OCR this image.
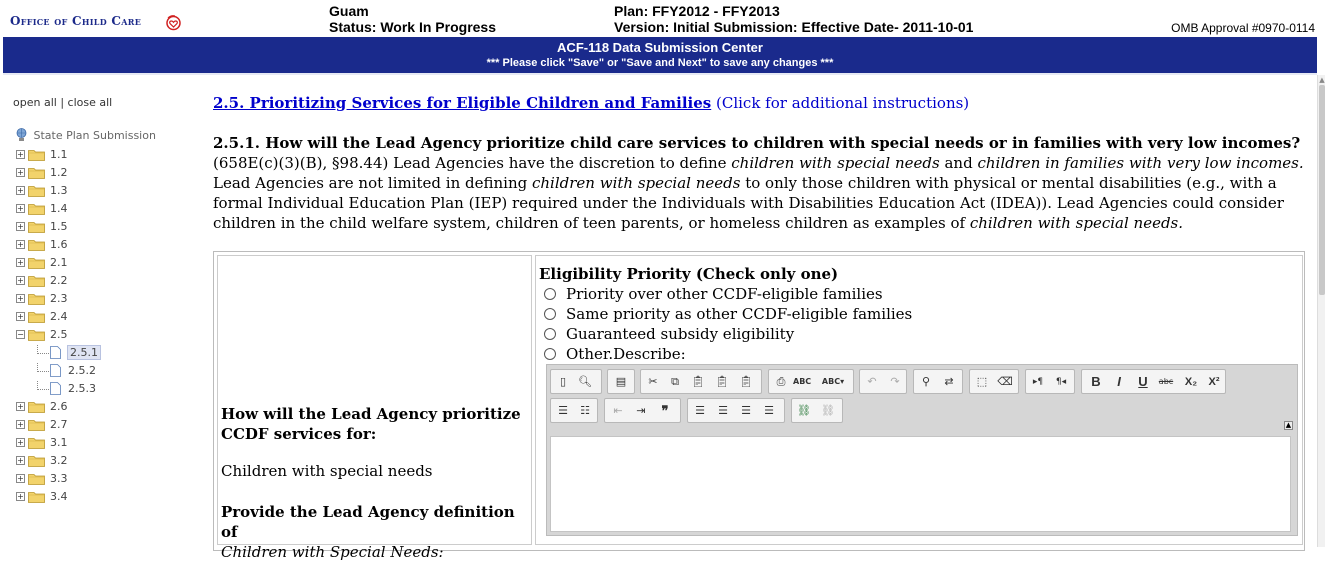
Office of Child Care
Guam
Status: Work In Progress
Plan: FFY2012 - FFY2013
Version: Initial Submission: Effective Date- 2011-10-01	OMB Approval #0970-0114
ACF-118 Data Submission Center
*** Please click "Save" or "Save and Next" to save any changes ***
open all | close all
State Plan Submission
+ 1.1
+ 1.2
+ 1.3
+ 1.4
+ 1.5
+ 1.6
+ 2.1
+ 2.2
+ 2.3
+ 2.4
− 2.5
2.5.1
2.5.2
2.5.3
+ 2.6
+ 2.7
+ 3.1
+ 3.2
+ 3.3
+ 3.4
▲
2.5. Prioritizing Services for Eligible Children and Families (Click for additional instructions)
2.5.1. How will the Lead Agency prioritize child care services to children with special needs or in families with very low incomes? (658E(c)(3)(B), §98.44) Lead Agencies have the discretion to define children with special needs and children in families with very low incomes. Lead Agencies are not limited in defining children with special needs to only those children with physical or mental disabilities (e.g., with a formal Individual Education Plan (IEP) required under the Individuals with Disabilities Education Act (IDEA)). Lead Agencies could consider children in the child welfare system, children of teen parents, or homeless children as examples of children with special needs.
How will the Lead Agency prioritize CCDF services for:
Children with special needs
Provide the Lead Agency definition of
Children with Special Needs:
Eligibility Priority (Check only one)
Priority over other CCDF-eligible families
Same priority as other CCDF-eligible families
Guaranteed subsidy eligibility
Other.Describe:
▯	🔍︎	▤	✂	⧉	📋︎ 📋︎ 📋︎	⎙ ABC	ABC▾	↶	↷	⚲	⇄	⬚ ⌫	▸¶	¶◂	B	I	U	abc X₂	X²
☰	☷	⇤	⇥	❞	☰	☰	☰	☰	⛓ ⛓
▲
